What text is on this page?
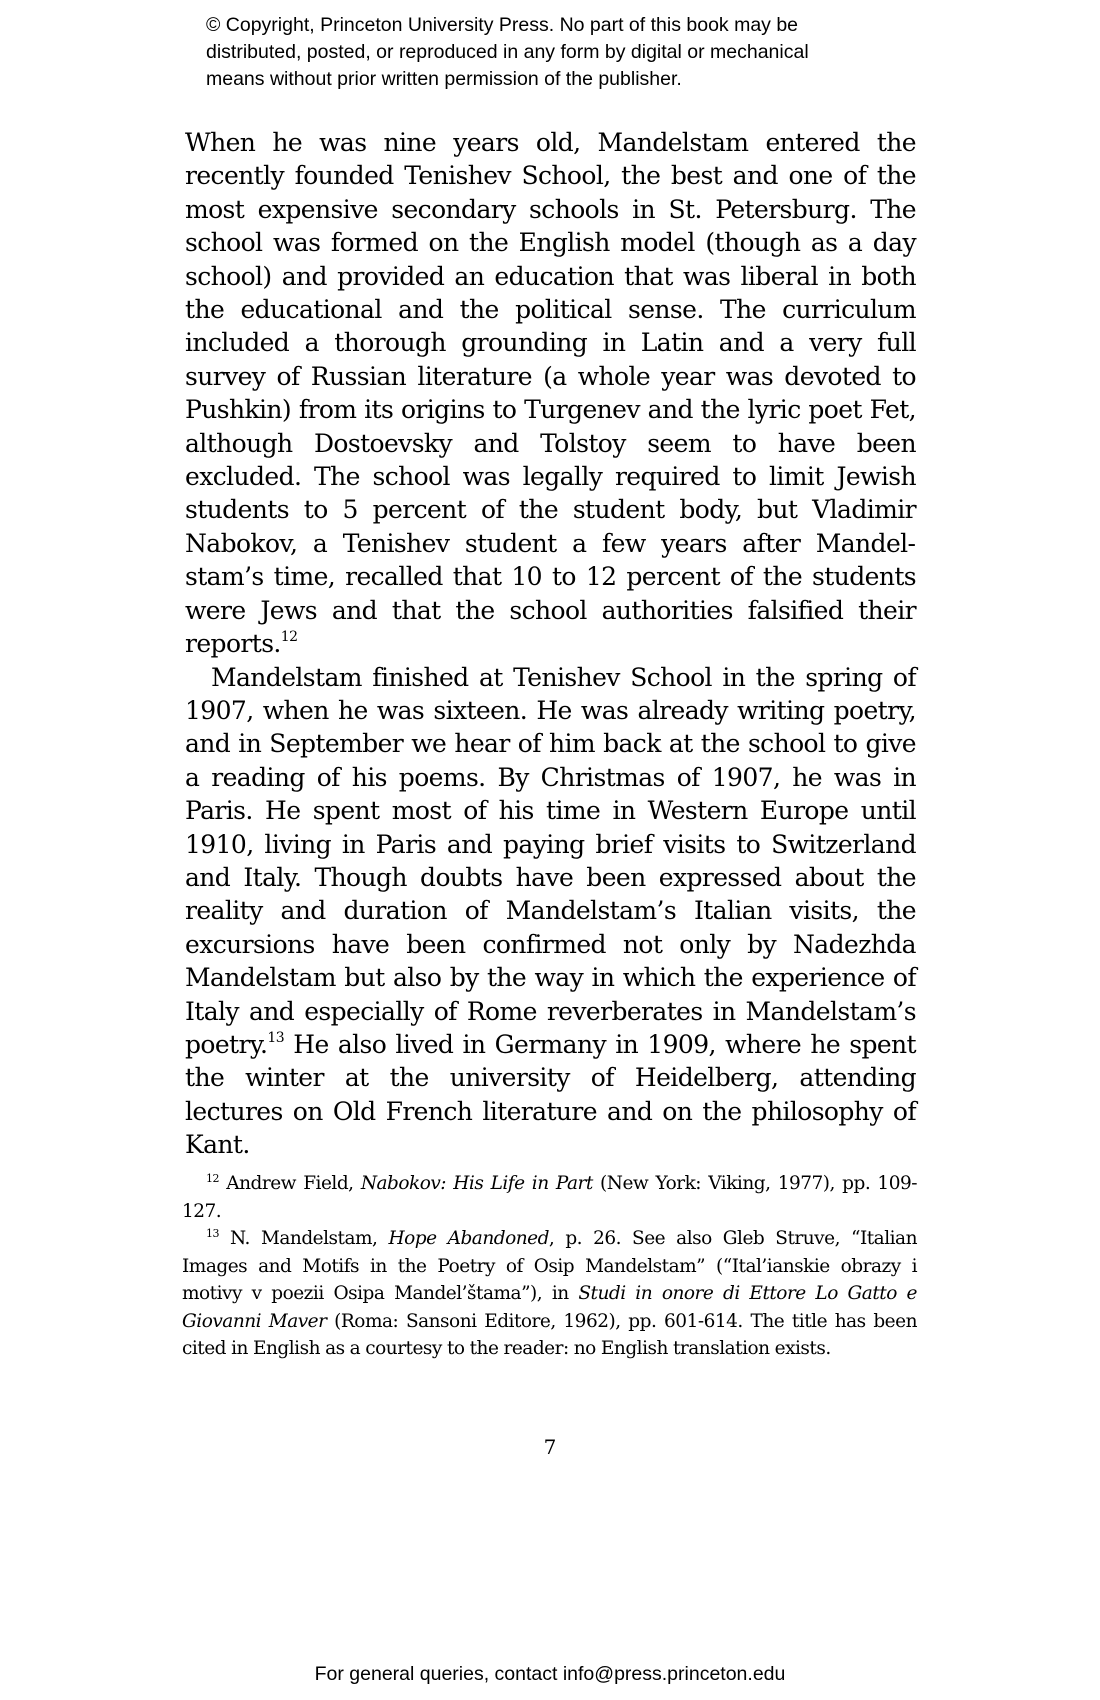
© Copyright, Princeton University Press. No part of this book may be
distributed, posted, or reproduced in any form by digital or mechanical
means without prior written permission of the publisher.

When he was nine years old, Mandelstam entered the recently founded Tenishev School, the best and one of the most expensive secondary schools in St. Petersburg. The school was formed on the English model (though as a day school) and provided an education that was liberal in both the educational and the political sense. The curriculum included a thorough grounding in Latin and a very full survey of Russian literature (a whole year was devoted to Pushkin) from its origins to Turgenev and the lyric poet Fet, although Dostoevsky and Tolstoy seem to have been excluded. The school was legally required to limit Jewish students to 5 percent of the student body, but Vladimir Nabokov, a Tenishev student a few years after Mandelstam’s time, recalled that 10 to 12 percent of the students were Jews and that the school authorities falsified their reports.$^{12}$

Mandelstam finished at Tenishev School in the spring of 1907, when he was sixteen. He was already writing poetry, and in September we hear of him back at the school to give a reading of his poems. By Christmas of 1907, he was in Paris. He spent most of his time in Western Europe until 1910, living in Paris and paying brief visits to Switzerland and Italy. Though doubts have been expressed about the reality and duration of Mandelstam’s Italian visits, the excursions have been confirmed not only by Nadezhda Mandelstam but also by the way in which the experience of Italy and especially of Rome reverberates in Mandelstam’s poetry.$^{13}$ He also lived in Germany in 1909, where he spent the winter at the university of Heidelberg, attending lectures on Old French literature and on the philosophy of Kant.

$^{12}$ Andrew Field, Nabokov: His Life in Part (New York: Viking, 1977), pp. 109-127.

$^{13}$ N. Mandelstam, Hope Abandoned, p. 26. See also Gleb Struve, “Italian Images and Motifs in the Poetry of Osip Mandelstam” (“Ital’ianskie obrazy i motivy v poezii Osipa Mandel’štama”), in Studi in onore di Ettore Lo Gatto e Giovanni Maver (Roma: Sansoni Editore, 1962), pp. 601-614. The title has been cited in English as a courtesy to the reader: no English translation exists.

7
For general queries, contact info@press.princeton.edu
